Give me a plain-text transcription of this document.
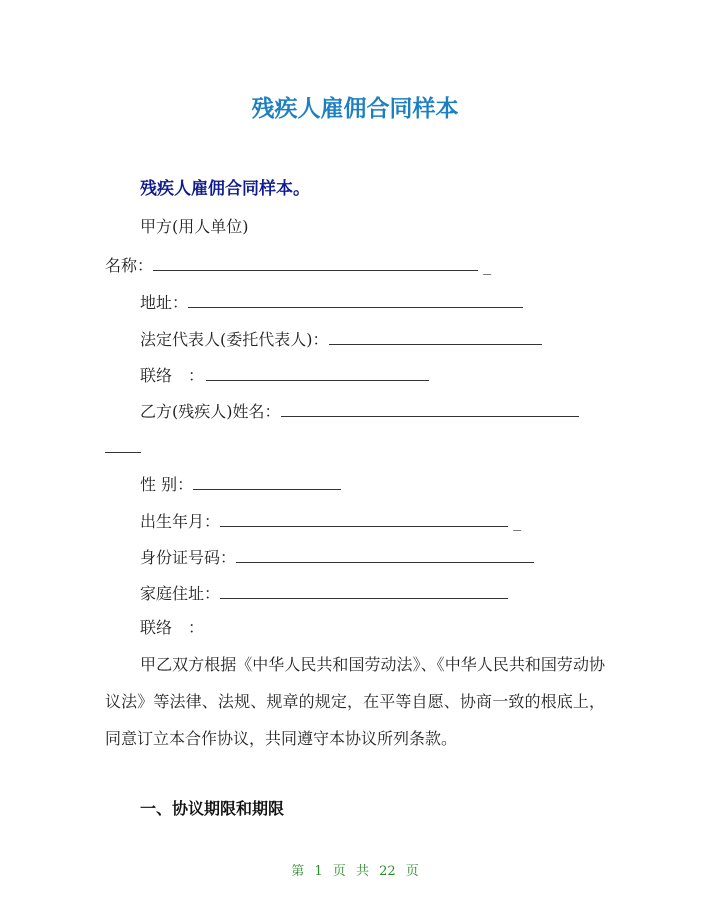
残疾人雇佣合同样本
残疾人雇佣合同样本。
甲方(用人单位)
名称：	_
地址：
法定代表人(委托代表人)：
联络　：
乙方(残疾人)姓名：
性 别：
出生年月：	_
身份证号码：
家庭住址：
联络　：
甲乙双方根据《中华人民共和国劳动法》、《中华人民共和国劳动协议法》等法律、法规、规章的规定，在平等自愿、协商一致的根底上，同意订立本合作协议，共同遵守本协议所列条款。
一、协议期限和期限
第 1 页 共 22 页
